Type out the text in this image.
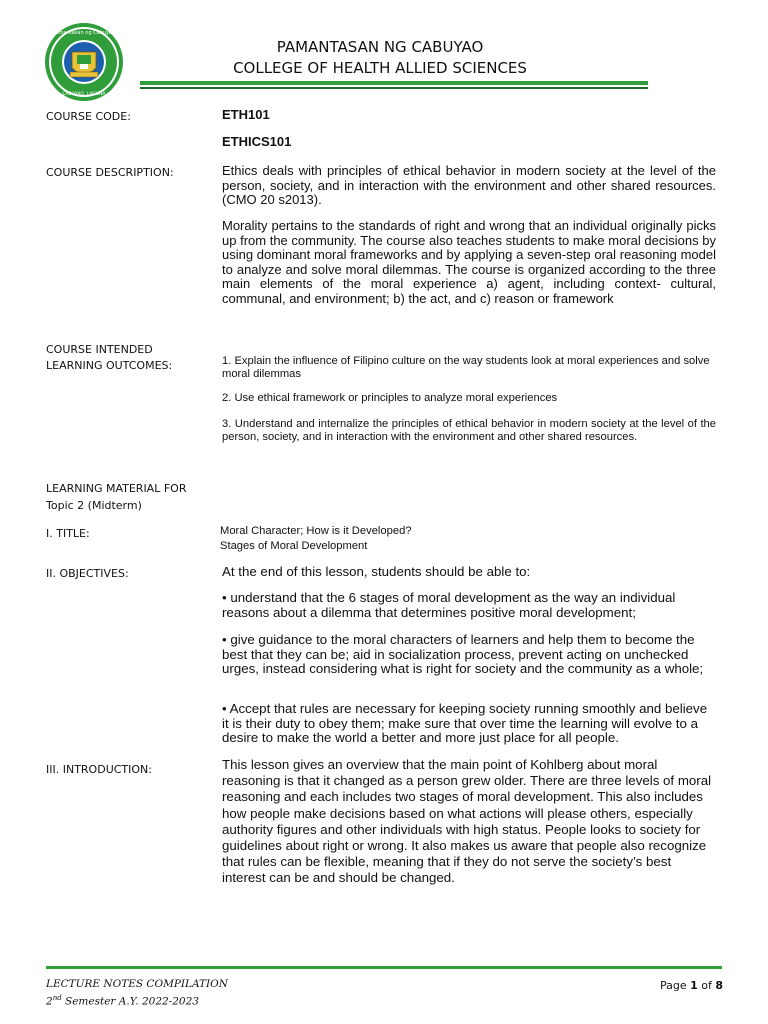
Pamantasan ng Cabuyao
CABUYAO, LAGUNA
PAMANTASAN NG CABUYAO
COLLEGE OF HEALTH ALLIED SCIENCES
COURSE CODE:	ETH101
ETHICS101
COURSE DESCRIPTION:	Ethics deals with principles of ethical behavior in modern society at the level of the person, society, and in interaction with the environment and other shared resources. (CMO 20 s2013).
Morality pertains to the standards of right and wrong that an individual originally picks up from the community. The course also teaches students to make moral decisions by using dominant moral frameworks and by applying a seven-step oral reasoning model to analyze and solve moral dilemmas. The course is organized according to the three main elements of the moral experience a) agent, including context- cultural, communal, and environment; b) the act, and c) reason or framework
COURSE INTENDED
LEARNING OUTCOMES:	1. Explain the influence of Filipino culture on the way students look at moral experiences and solve moral dilemmas
2. Use ethical framework or principles to analyze moral experiences
3. Understand and internalize the principles of ethical behavior in modern society at the level of the person, society, and in interaction with the environment and other shared resources.
LEARNING MATERIAL FOR
Topic 2 (Midterm)
I. TITLE:	Moral Character; How is it Developed?
Stages of Moral Development
II. OBJECTIVES:	At the end of this lesson, students should be able to:
• understand that the 6 stages of moral development as the way an individual reasons about a dilemma that determines positive moral development;
• give guidance to the moral characters of learners and help them to become the best that they can be; aid in socialization process, prevent acting on unchecked urges, instead considering what is right for society and the community as a whole;
• Accept that rules are necessary for keeping society running smoothly and believe it is their duty to obey them; make sure that over time the learning will evolve to a desire to make the world a better and more just place for all people.
III. INTRODUCTION:	This lesson gives an overview that the main point of Kohlberg about moral reasoning is that it changed as a person grew older. There are three levels of moral reasoning and each includes two stages of moral development. This also includes how people make decisions based on what actions will please others, especially authority figures and other individuals with high status. People looks to society for guidelines about right or wrong. It also makes us aware that people also recognize that rules can be flexible, meaning that if they do not serve the society’s best interest can be and should be changed.
LECTURE NOTES COMPILATION
2nd Semester A.Y. 2022-2023
Page 1 of 8
